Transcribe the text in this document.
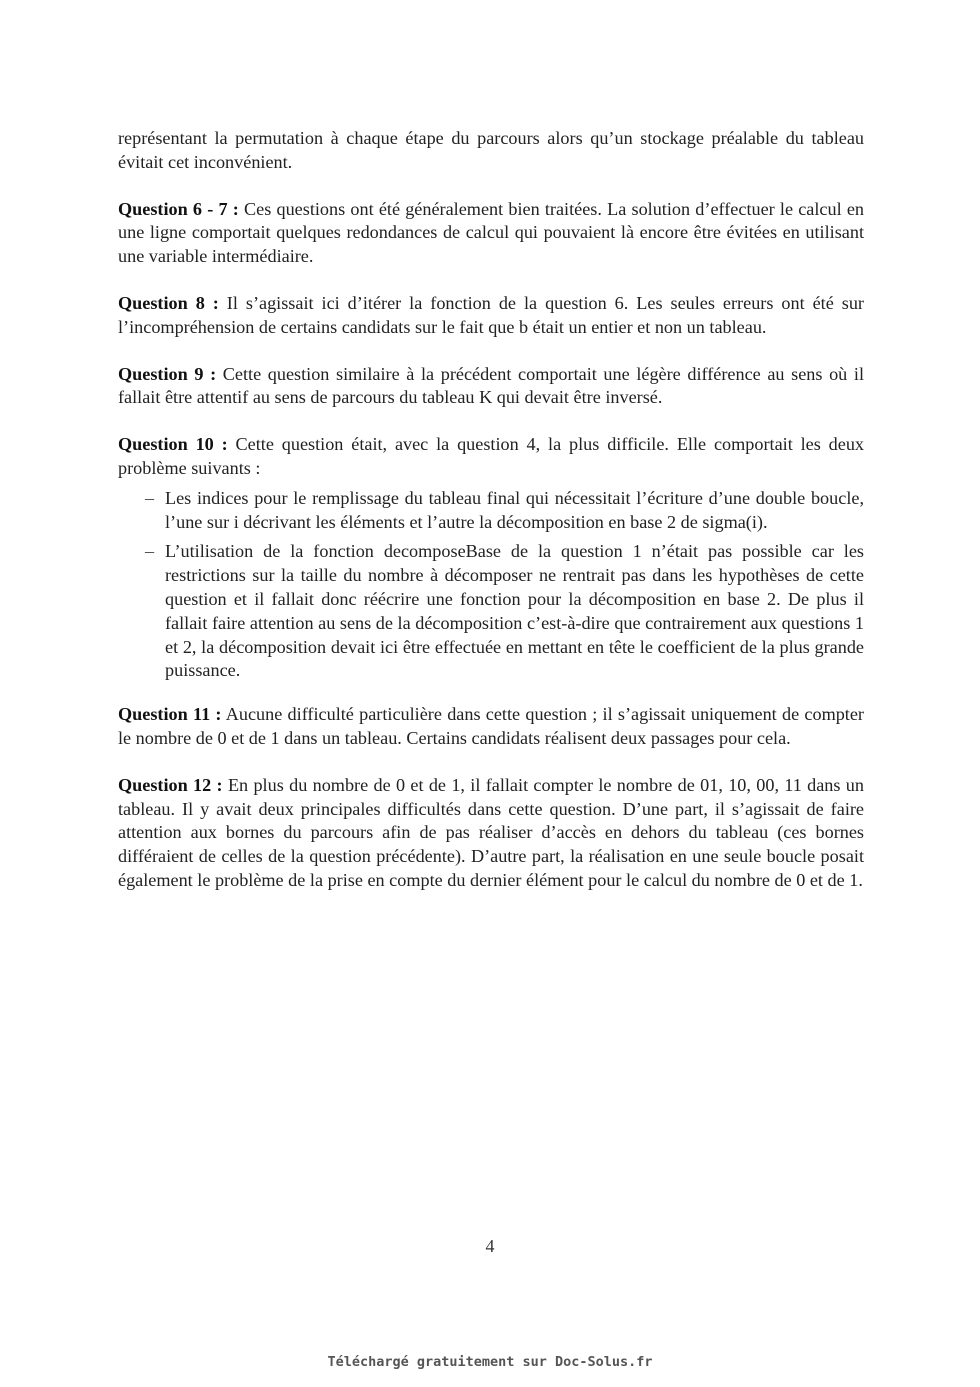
représentant la permutation à chaque étape du parcours alors qu’un stockage préalable du tableau évitait cet inconvénient.

Question 6 - 7 : Ces questions ont été généralement bien traitées. La solution d’effectuer le calcul en une ligne comportait quelques redondances de calcul qui pouvaient là encore être évitées en utilisant une variable intermédiaire.

Question 8 : Il s’agissait ici d’itérer la fonction de la question 6. Les seules erreurs ont été sur l’incompréhension de certains candidats sur le fait que b était un entier et non un tableau.

Question 9 : Cette question similaire à la précédent comportait une légère différence au sens où il fallait être attentif au sens de parcours du tableau K qui devait être inversé.

Question 10 : Cette question était, avec la question 4, la plus difficile. Elle comportait les deux problème suivants :

– Les indices pour le remplissage du tableau final qui nécessitait l’écriture d’une double boucle, l’une sur i décrivant les éléments et l’autre la décomposition en base 2 de sigma(i).
– L’utilisation de la fonction decomposeBase de la question 1 n’était pas possible car les restrictions sur la taille du nombre à décomposer ne rentrait pas dans les hypothèses de cette question et il fallait donc réécrire une fonction pour la décomposition en base 2. De plus il fallait faire attention au sens de la décomposition c’est-à-dire que contrairement aux questions 1 et 2, la décomposition devait ici être effectuée en mettant en tête le coefficient de la plus grande puissance.

Question 11 : Aucune difficulté particulière dans cette question ; il s’agissait uniquement de compter le nombre de 0 et de 1 dans un tableau. Certains candidats réalisent deux passages pour cela.

Question 12 : En plus du nombre de 0 et de 1, il fallait compter le nombre de 01, 10, 00, 11 dans un tableau. Il y avait deux principales difficultés dans cette question. D’une part, il s’agissait de faire attention aux bornes du parcours afin de pas réaliser d’accès en dehors du tableau (ces bornes différaient de celles de la question précédente). D’autre part, la réalisation en une seule boucle posait également le problème de la prise en compte du dernier élément pour le calcul du nombre de 0 et de 1.

4
Téléchargé gratuitement sur Doc-Solus.fr
